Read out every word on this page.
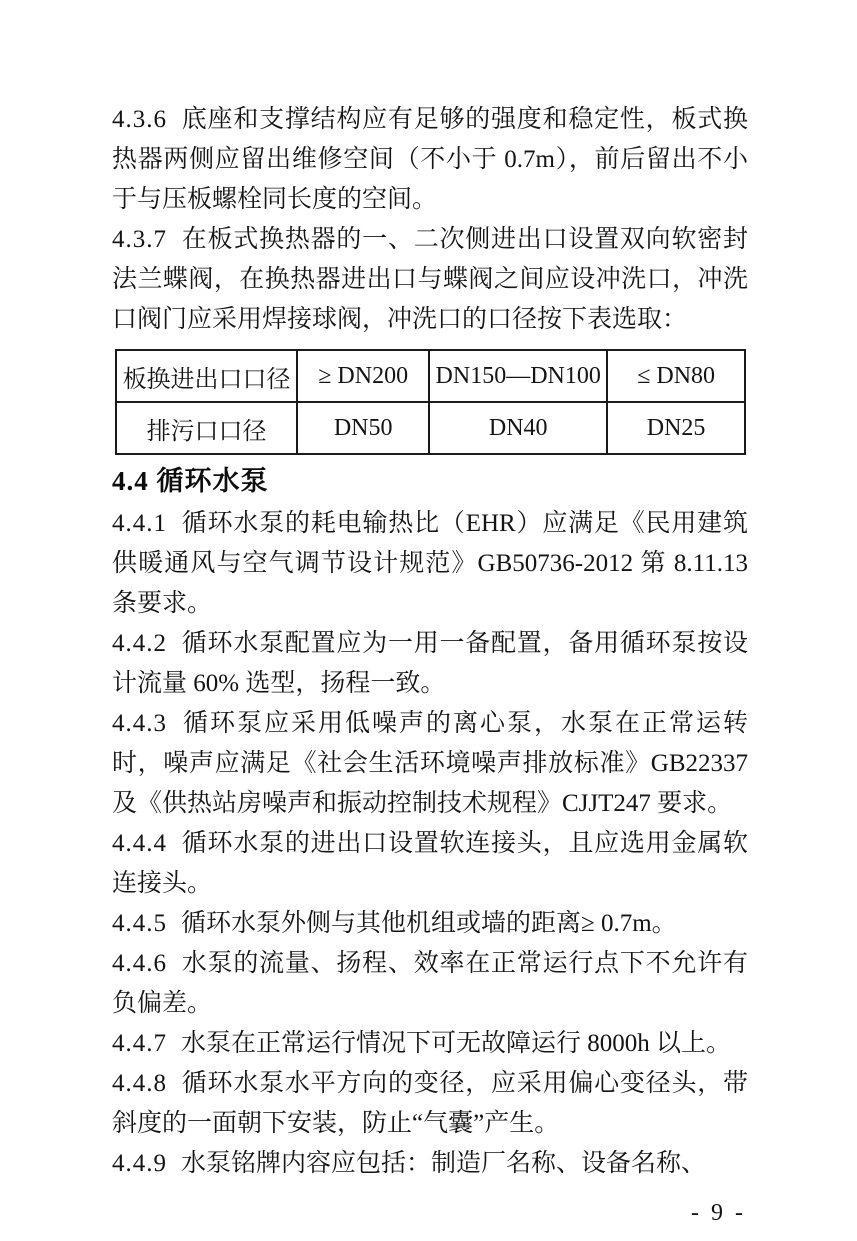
4.3.6 底座和支撑结构应有足够的强度和稳定性，板式换热器两侧应留出维修空间（不小于 0.7m），前后留出不小于与压板螺栓同长度的空间。

4.3.7 在板式换热器的一、二次侧进出口设置双向软密封法兰蝶阀，在换热器进出口与蝶阀之间应设冲洗口，冲洗口阀门应采用焊接球阀，冲洗口的口径按下表选取：

板换进出口口径	≥ DN200	DN150—DN100	≤ DN80
排污口口径	DN50	DN40	DN25
4.4 循环水泵

4.4.1 循环水泵的耗电输热比（EHR）应满足《民用建筑供暖通风与空气调节设计规范》GB50736-2012 第 8.11.13 条要求。

4.4.2 循环水泵配置应为一用一备配置，备用循环泵按设计流量 60% 选型，扬程一致。

4.4.3 循环泵应采用低噪声的离心泵，水泵在正常运转时，噪声应满足《社会生活环境噪声排放标准》GB22337 及《供热站房噪声和振动控制技术规程》CJJT247 要求。

4.4.4 循环水泵的进出口设置软连接头，且应选用金属软连接头。

4.4.5 循环水泵外侧与其他机组或墙的距离≥ 0.7m。

4.4.6 水泵的流量、扬程、效率在正常运行点下不允许有负偏差。

4.4.7 水泵在正常运行情况下可无故障运行 8000h 以上。

4.4.8 循环水泵水平方向的变径，应采用偏心变径头，带斜度的一面朝下安装，防止“气囊”产生。

4.4.9 水泵铭牌内容应包括：制造厂名称、设备名称、

- 9 -
